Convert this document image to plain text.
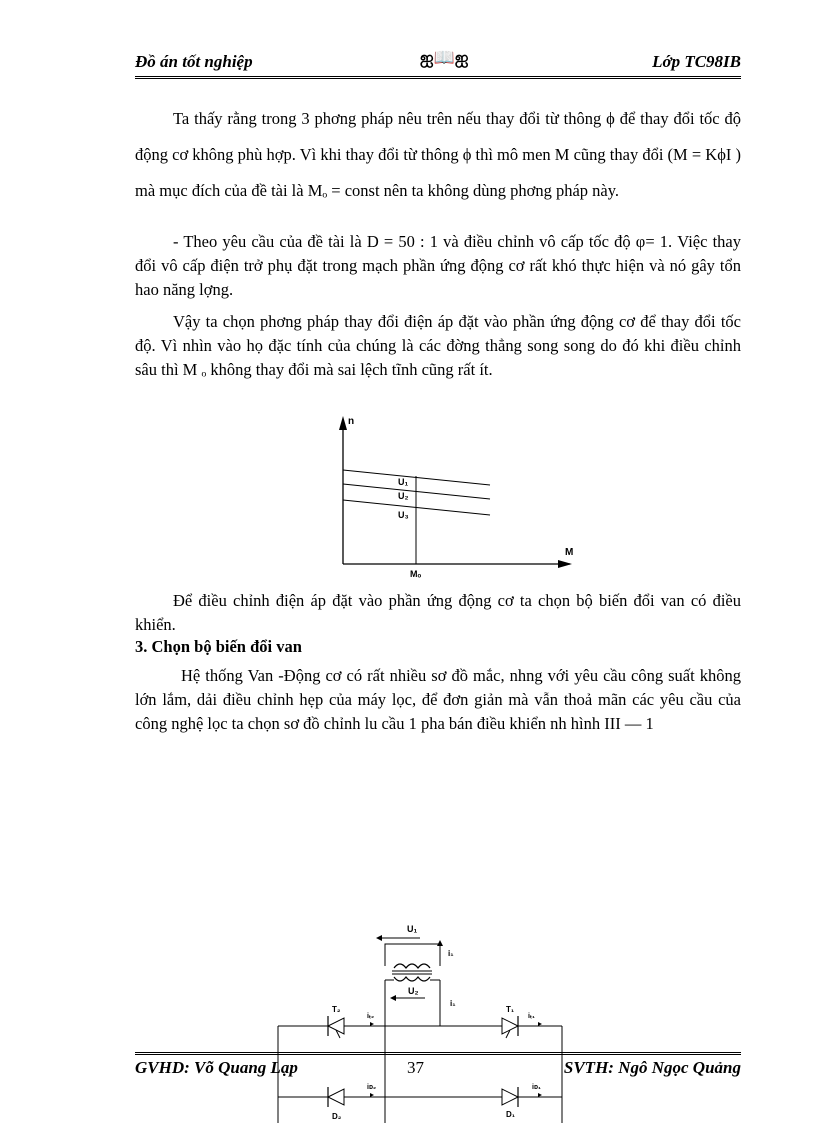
Đồ án tốt nghiệp	ஐ📖ஐ	Lớp TC98IB
Ta thấy rằng trong 3 phơng pháp nêu trên nếu thay đổi từ thông ϕ để thay đổi tốc độ động cơ không phù hợp. Vì khi thay đổi từ thông ϕ thì mô men M cũng thay đổi (M = KϕI ) mà mục đích của đề tài là Mₒ = const nên ta không dùng phơng pháp này.
- Theo yêu cầu của đề tài là D = 50 : 1 và điều chỉnh vô cấp tốc độ φ= 1. Việc thay đổi vô cấp điện trở phụ đặt trong mạch phần ứng động cơ rất khó thực hiện và nó gây tổn hao năng lợng.
Vậy ta chọn phơng pháp thay đổi điện áp đặt vào phần ứng động cơ để thay đổi tốc độ. Vì nhìn vào họ đặc tính của chúng là các đờng thẳng song song do đó khi điều chỉnh sâu thì M ₒ không thay đổi mà sai lệch tĩnh cũng rất ít.
n
M
U₁
U₂
U₃
Mₒ
Để điều chỉnh điện áp đặt vào phần ứng động cơ ta chọn bộ biến đổi van có điều khiển.
3. Chọn bộ biến đổi van
Hệ thống Van -Động cơ có rất nhiều sơ đồ mắc, nhng với yêu cầu công suất không lớn lắm, dải điều chỉnh hẹp của máy lọc, để đơn giản mà vẫn thoả mãn các yêu cầu của công nghệ lọc ta chọn sơ đồ chỉnh lu cầu 1 pha bán điều khiển nh hình III — 1
U₁
i₁
U₂
i₁
T₂
iₜ₂
T₁
iₜ₁
D₂
iᴅ₂
D₁
iᴅ₁
GVHD: Võ Quang Lạp	37	SVTH: Ngô Ngọc Quảng
